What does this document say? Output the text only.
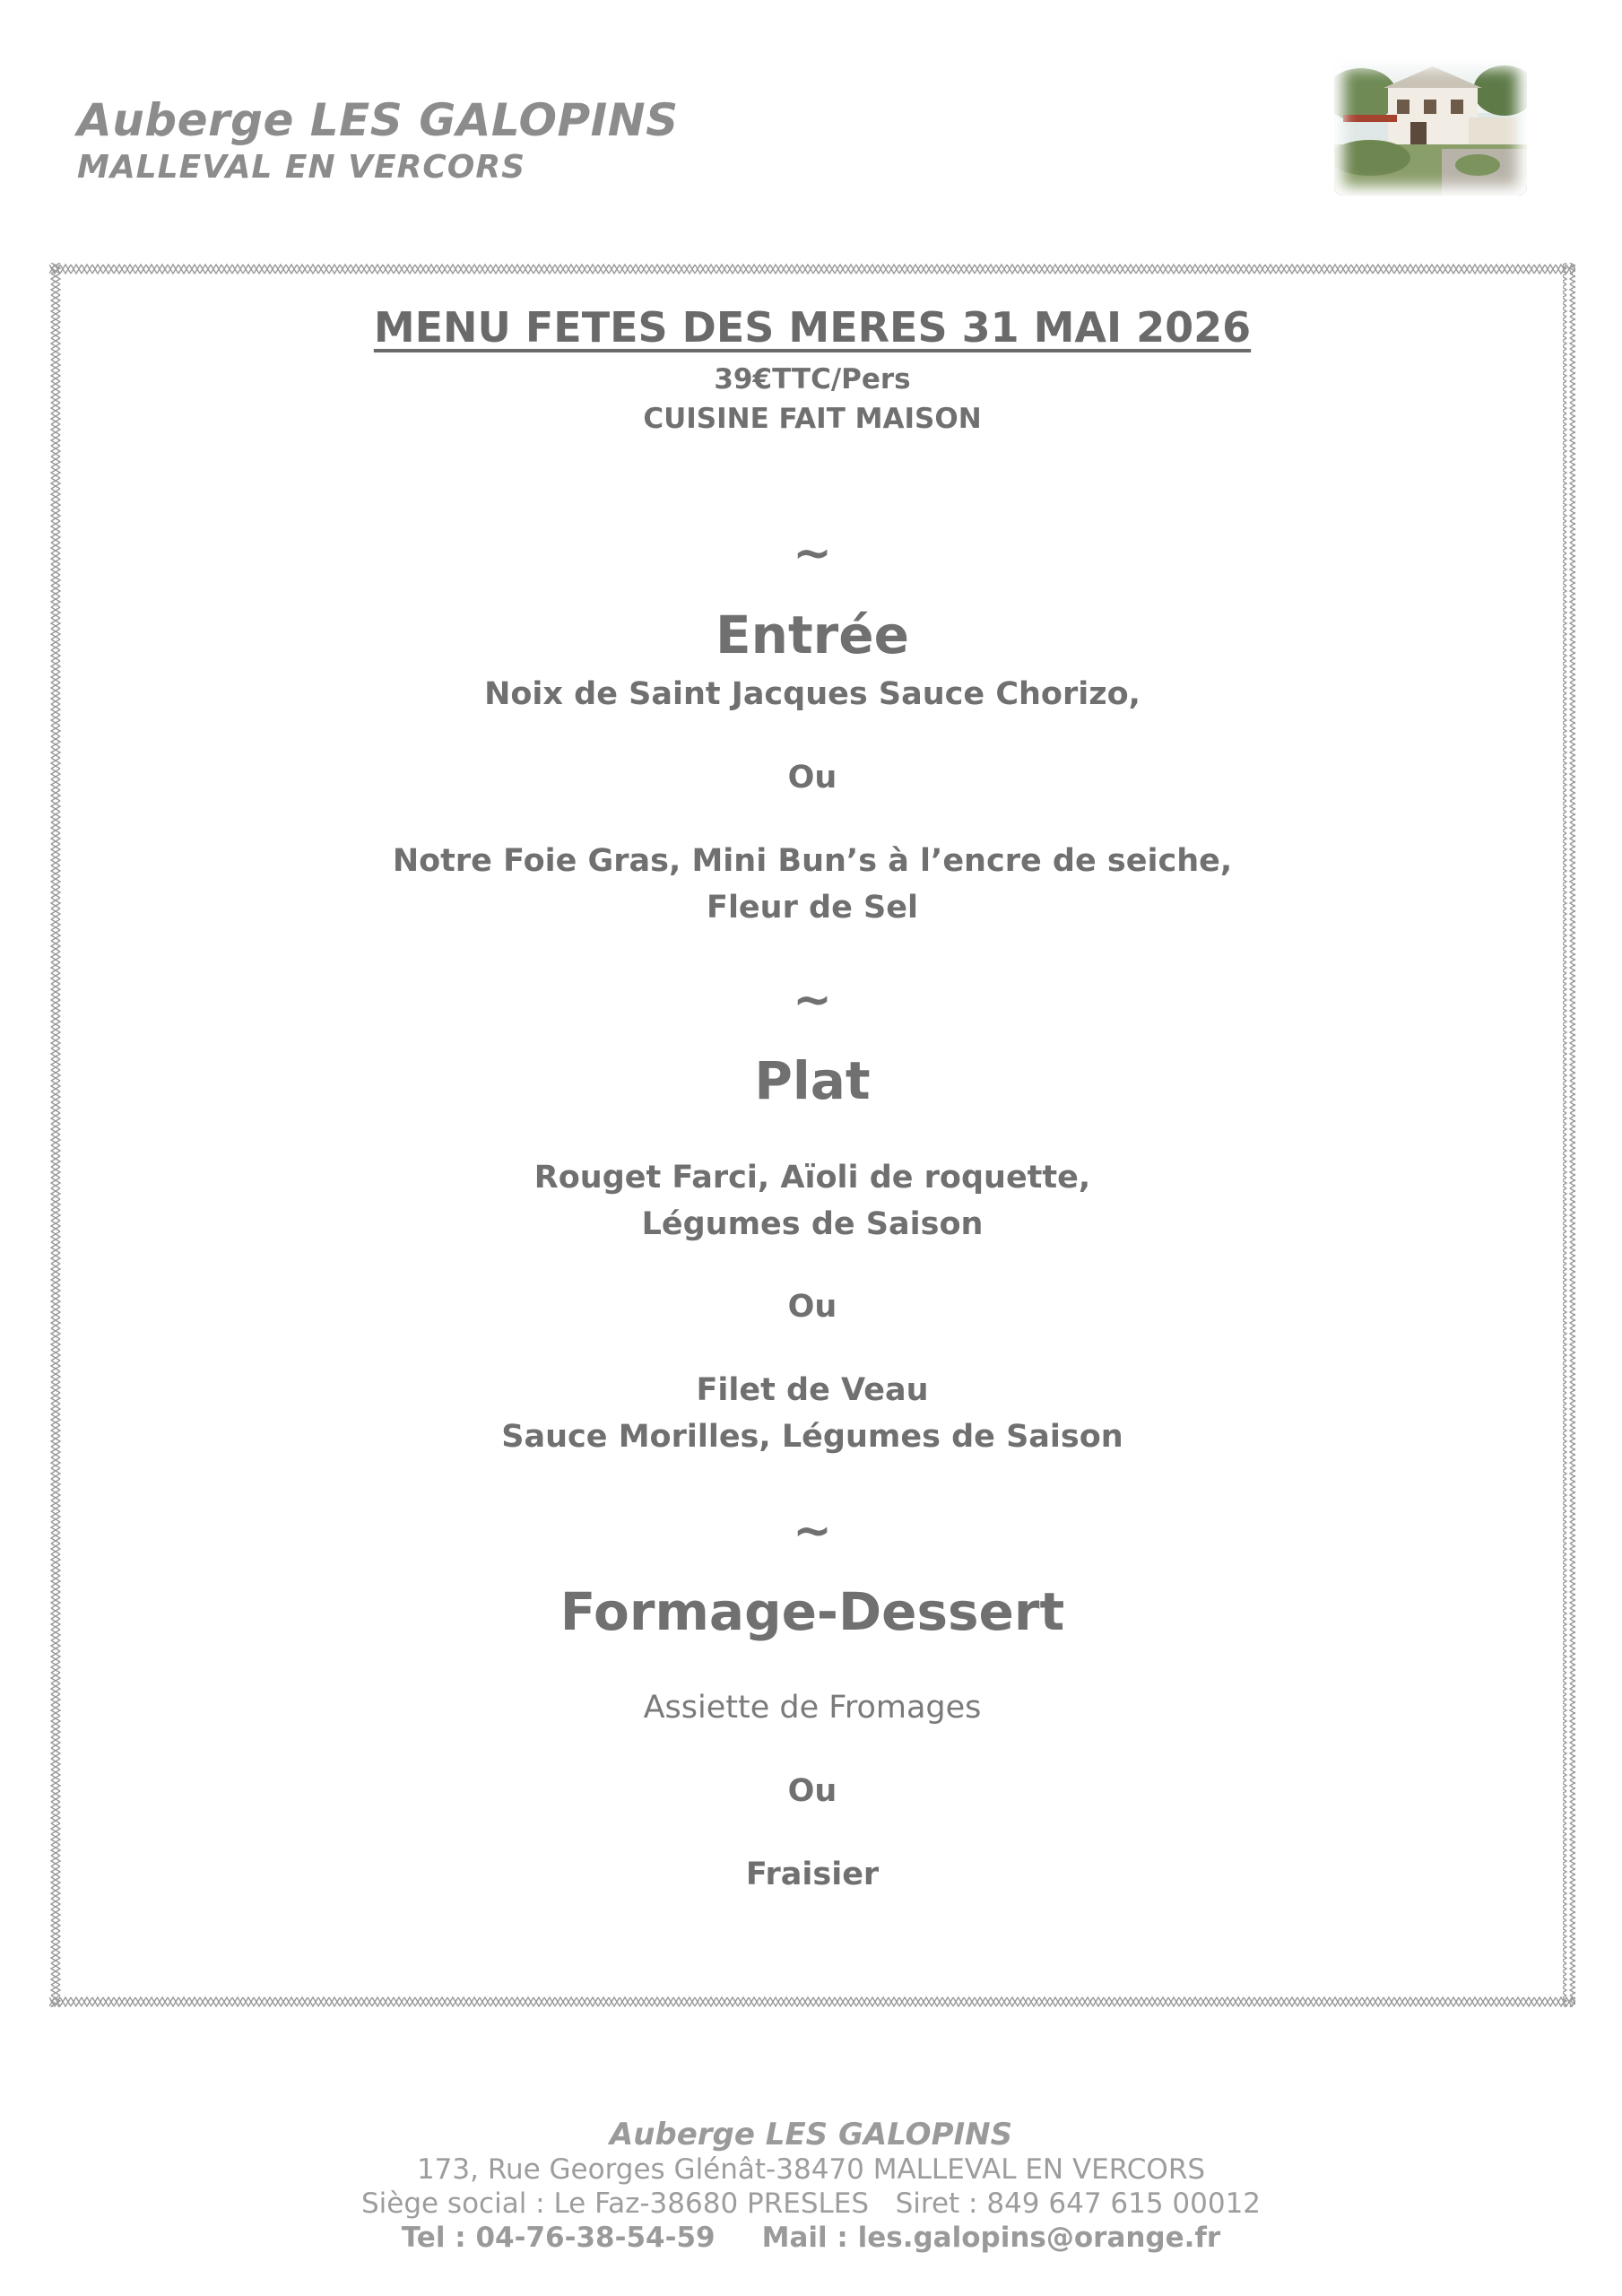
Auberge LES GALOPINS
MALLEVAL EN VERCORS
MENU FETES DES MERES 31 MAI 2026
39€TTC/Pers
CUISINE FAIT MAISON
~
Entrée
Noix de Saint Jacques Sauce Chorizo,
Ou
Notre Foie Gras, Mini Bun’s à l’encre de seiche,
Fleur de Sel
~
Plat
Rouget Farci, Aïoli de roquette,
Légumes de Saison
Ou
Filet de Veau
Sauce Morilles, Légumes de Saison
~
Formage-Dessert
Assiette de Fromages
Ou
Fraisier
Auberge LES GALOPINS
173, Rue Georges Glénât-38470 MALLEVAL EN VERCORS
Siège social : Le Faz-38680 PRESLES   Siret : 849 647 615 00012
Tel : 04-76-38-54-59 Mail : les.galopins@orange.fr
